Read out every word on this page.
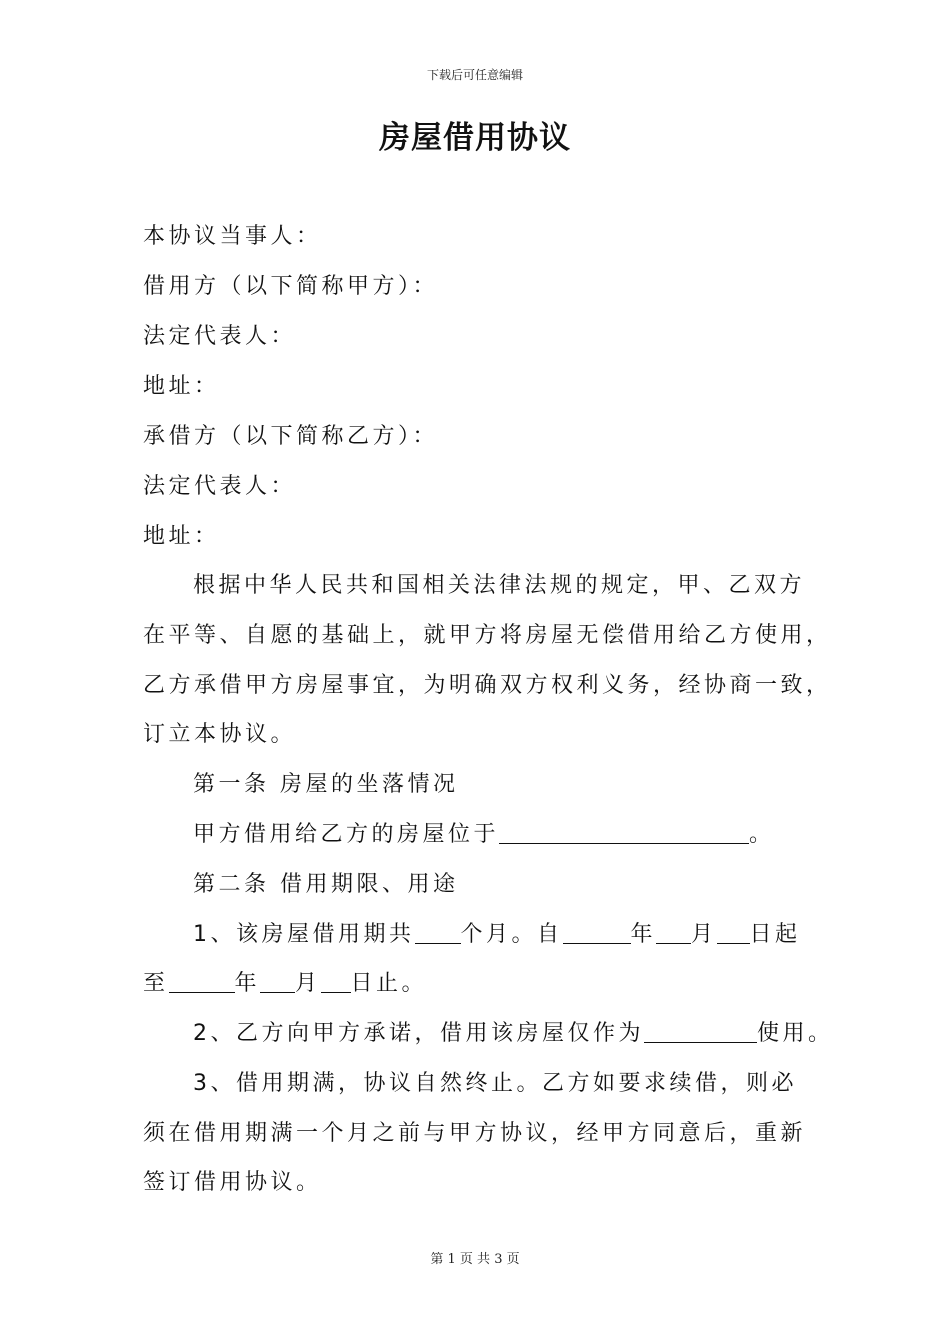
下载后可任意编辑
房屋借用协议
本协议当事人：
借用方（以下简称甲方）：
法定代表人：
地址：
承借方（以下简称乙方）：
法定代表人：
地址：
根据中华人民共和国相关法律法规的规定，甲、乙双方
在平等、自愿的基础上，就甲方将房屋无偿借用给乙方使用，
乙方承借甲方房屋事宜，为明确双方权利义务，经协商一致，
订立本协议。
第一条 房屋的坐落情况
甲方借用给乙方的房屋位于	。
第二条 借用期限、用途
1、该房屋借用期共 个月。自	年 月 日起
至	年 月 日止。
2、乙方向甲方承诺，借用该房屋仅作为	使用。
3、借用期满，协议自然终止。乙方如要求续借，则必
须在借用期满一个月之前与甲方协议，经甲方同意后，重新
签订借用协议。
第 1 页 共 3 页
